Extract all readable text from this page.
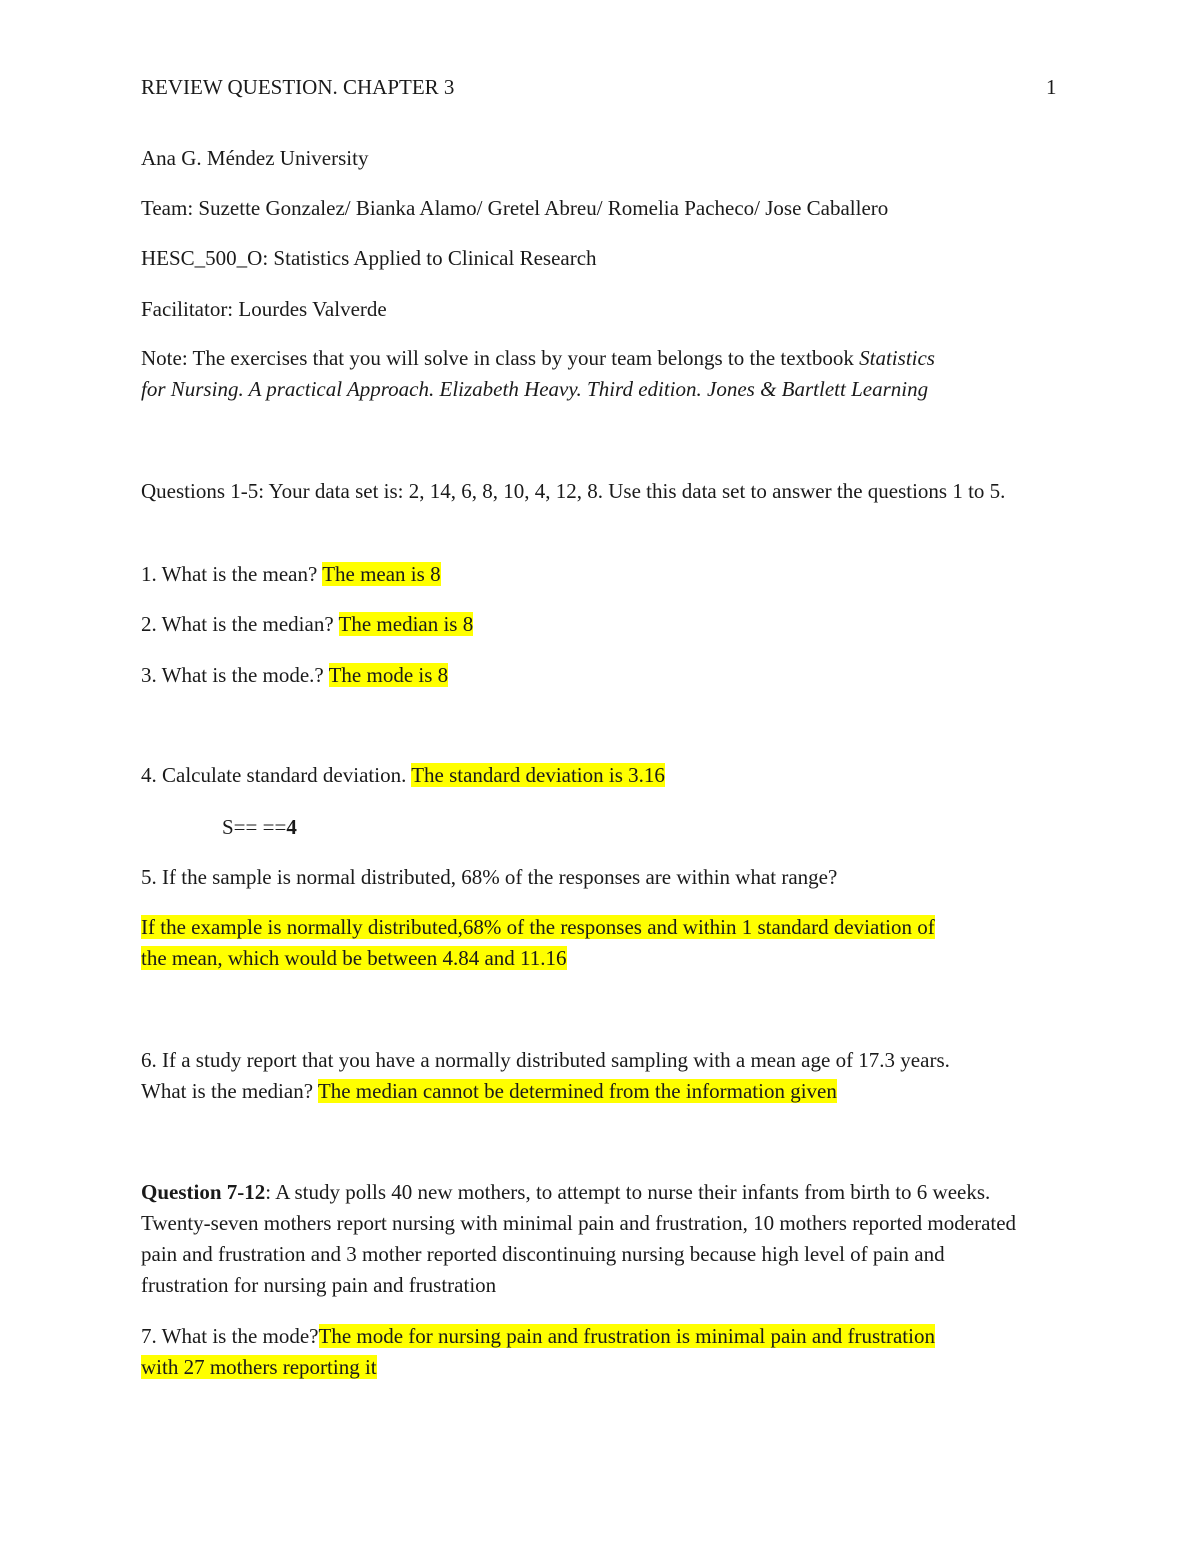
REVIEW QUESTION. CHAPTER 3	1
Ana G. Méndez University
Team: Suzette Gonzalez/ Bianka Alamo/ Gretel Abreu/ Romelia Pacheco/ Jose Caballero
HESC_500_O: Statistics Applied to Clinical Research
Facilitator: Lourdes Valverde
Note: The exercises that you will solve in class by your team belongs to the textbook Statistics
for Nursing. A practical Approach. Elizabeth Heavy. Third edition. Jones & Bartlett Learning
Questions 1-5: Your data set is: 2, 14, 6, 8, 10, 4, 12, 8. Use this data set to answer the questions 1 to 5.
1. What is the mean? The mean is 8
2. What is the median? The median is 8
3. What is the mode.? The mode is 8
4. Calculate standard deviation. The standard deviation is 3.16
S== ==4
5. If the sample is normal distributed, 68% of the responses are within what range?
If the example is normally distributed,68% of the responses and within 1 standard deviation of
the mean, which would be between 4.84 and 11.16
6. If a study report that you have a normally distributed sampling with a mean age of 17.3 years.
What is the median? The median cannot be determined from the information given
Question 7-12: A study polls 40 new mothers, to attempt to nurse their infants from birth to 6 weeks. Twenty-seven mothers report nursing with minimal pain and frustration, 10 mothers reported moderated pain and frustration and 3 mother reported discontinuing nursing because high level of pain and frustration for nursing pain and frustration
7. What is the mode?The mode for nursing pain and frustration is minimal pain and frustration
with 27 mothers reporting it
